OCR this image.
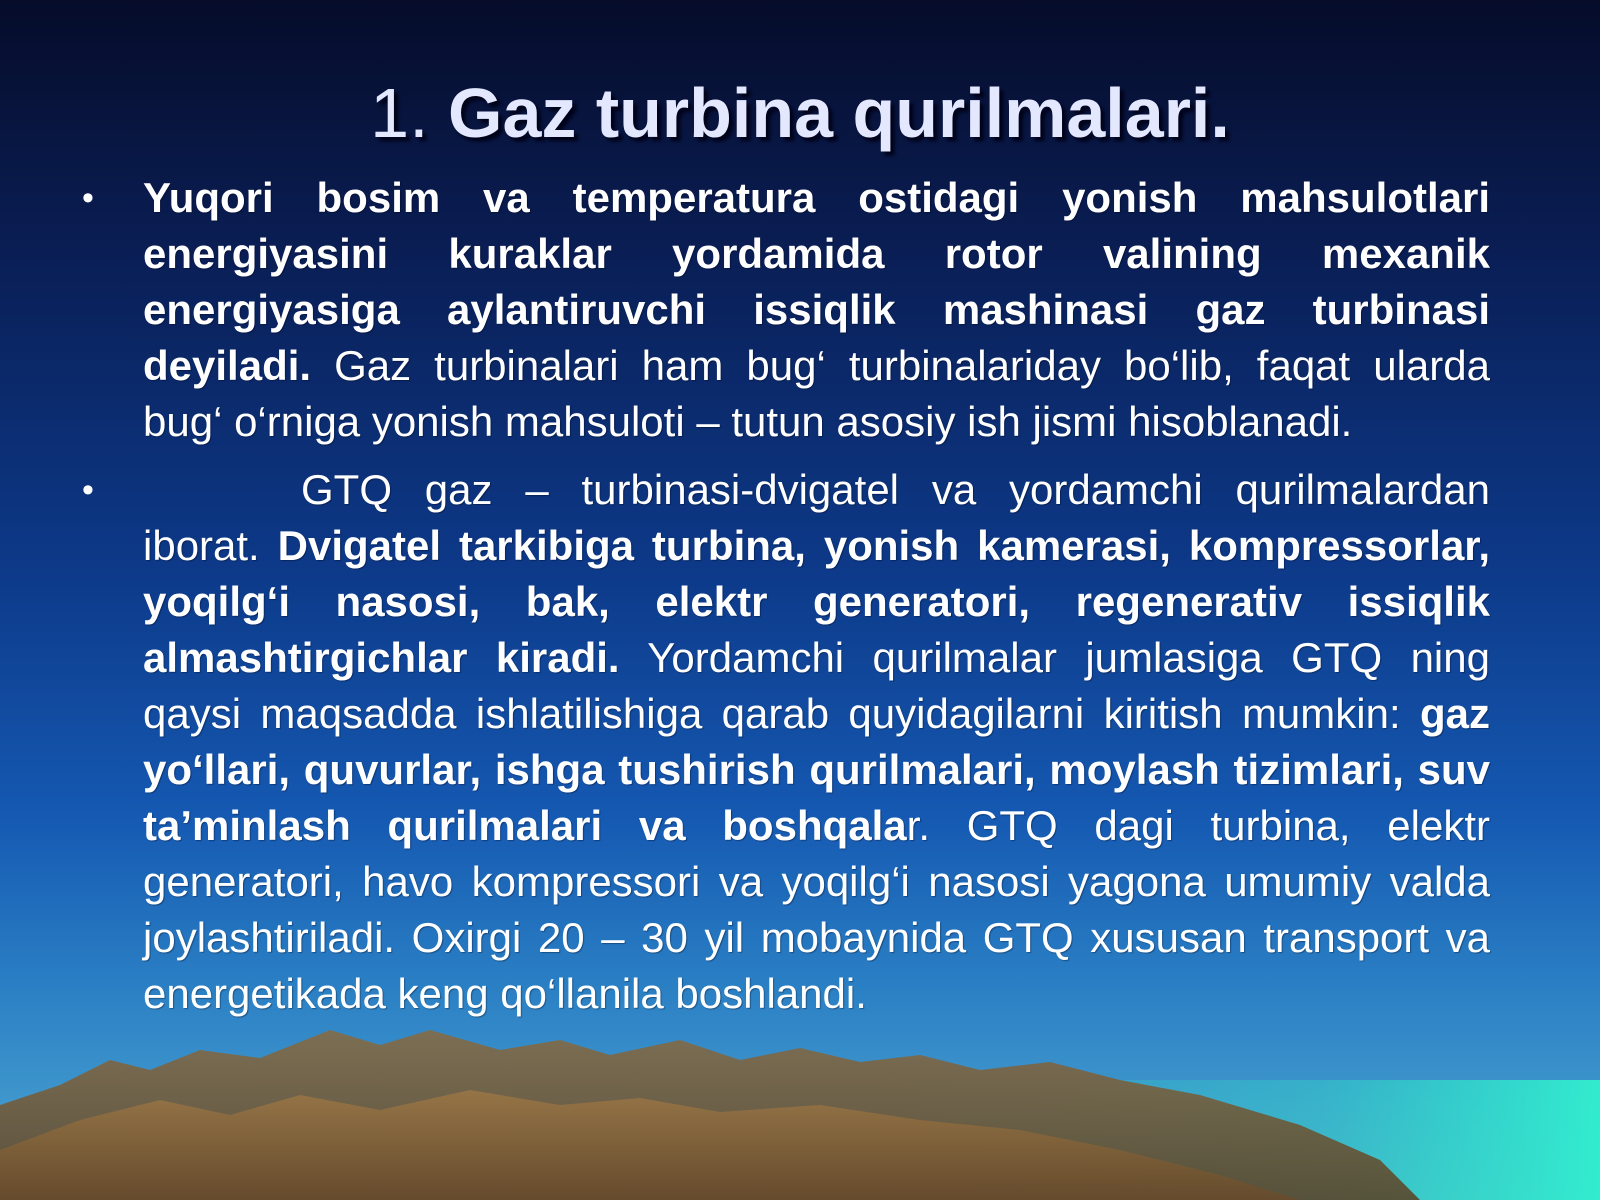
1. Gaz turbina qurilmalari.
• Yuqori bosim va temperatura ostidagi yonish mahsulotlari energiyasini kuraklar yordamida rotor valining mexanik energiyasiga aylantiruvchi issiqlik mashinasi gaz turbinasi deyiladi. Gaz turbinalari ham bug‘ turbinalariday bo‘lib, faqat ularda bug‘ o‘rniga yonish mahsuloti – tutun asosiy ish jismi hisoblanadi.
•	GTQ gaz – turbinasi-dvigatel va yordamchi qurilmalardan iborat. Dvigatel tarkibiga turbina, yonish kamerasi, kompressorlar, yoqilg‘i nasosi, bak, elektr generatori, regenerativ issiqlik almashtirgichlar kiradi. Yordamchi qurilmalar jumlasiga GTQ ning qaysi maqsadda ishlatilishiga qarab quyidagilarni kiritish mumkin: gaz yo‘llari, quvurlar, ishga tushirish qurilmalari, moylash tizimlari, suv ta’minlash qurilmalari va boshqalar. GTQ dagi turbina, elektr generatori, havo kompressori va yoqilg‘i nasosi yagona umumiy valda joylashtiriladi. Oxirgi 20 – 30 yil mobaynida GTQ xususan transport va energetikada keng qo‘llanila boshlandi.
